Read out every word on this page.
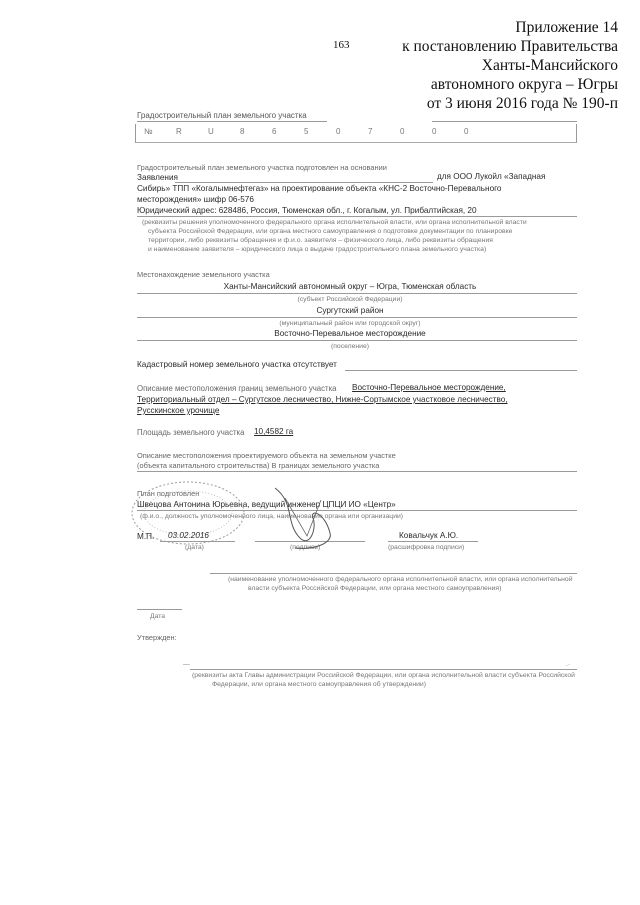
Приложение 14
к постановлению Правительства
Ханты-Мансийского
автономного округа – Югры
от 3 июня 2016 года № 190-п
163
Градостроительный план земельного участка
№	R	U	8	6	5	0	7	0	0	0
Градостроительный план земельного участка подготовлен на основании
Заявления	для ООО Лукойл «Западная
Сибирь» ТПП «Когалымнефтегаз» на проектирование объекта «КНС-2 Восточно-Перевального
месторождения» шифр 06-576
Юридический адрес: 628486, Россия, Тюменская обл., г. Когалым, ул. Прибалтийская, 20
(реквизиты решения уполномоченного федерального органа исполнительной власти, или органа исполнительной власти
субъекта Российской Федерации, или органа местного самоуправления о подготовке документации по планировке
территории, либо реквизиты обращения и ф.и.о. заявителя – физического лица, либо реквизиты обращения
и наименование заявителя – юридического лица о выдаче градостроительного плана земельного участка)
Местонахождение земельного участка
Ханты-Мансийский автономный округ – Югра, Тюменская область
(субъект Российской Федерации)
Сургутский район
(муниципальный район или городской округ)
Восточно-Перевальное месторождение
(поселение)
Кадастровый номер земельного участка отсутствует
Описание местоположения границ земельного участка Восточно-Перевальное месторождение,
Территориальный отдел – Сургутское лесничество, Нижне-Сортымское участковое лесничество,
Русскинское урочище
Площадь земельного участка 10,4582 га
Описание местоположения проектируемого объекта на земельном участке
(объекта капитального строительства) В границах земельного участка
План подготовлен
Швецова Антонина Юрьевна, ведущий инженер ЦПЦИ ИО «Центр»
(ф.и.о., должность уполномоченного лица, наименование органа или организации)
М.П. 03.02.2016
(дата)	(подпись)
Ковальчук А.Ю.
(расшифровка подписи)
(наименование уполномоченного федерального органа исполнительной власти, или органа исполнительной
власти субъекта Российской Федерации, или органа местного самоуправления)
Дата
Утвержден:
—
(реквизиты акта Главы администрации Российской Федерации, или органа исполнительной власти субъекта Российской
Федерации, или органа местного самоуправления об утверждении)
.·
